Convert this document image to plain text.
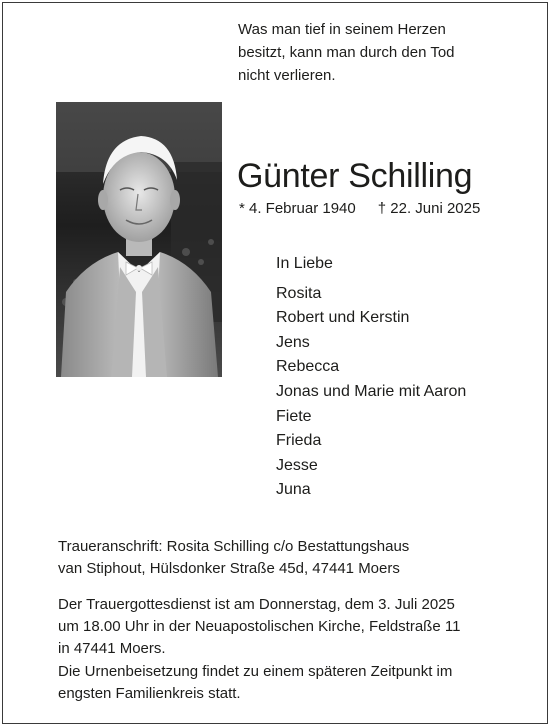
Was man tief in seinem Herzen
besitzt, kann man durch den Tod
nicht verlieren.
Günter Schilling
* 4. Februar 1940 † 22. Juni 2025
In Liebe
Rosita
Robert und Kerstin
Jens
Rebecca
Jonas und Marie mit Aaron
Fiete
Frieda
Jesse
Juna
Traueranschrift: Rosita Schilling c/o Bestattungshaus
van Stiphout, Hülsdonker Straße 45d, 47441 Moers
Der Trauergottesdienst ist am Donnerstag, dem 3. Juli 2025
um 18.00 Uhr in der Neuapostolischen Kirche, Feldstraße 11
in 47441 Moers.
Die Urnenbeisetzung findet zu einem späteren Zeitpunkt im
engsten Familienkreis statt.
